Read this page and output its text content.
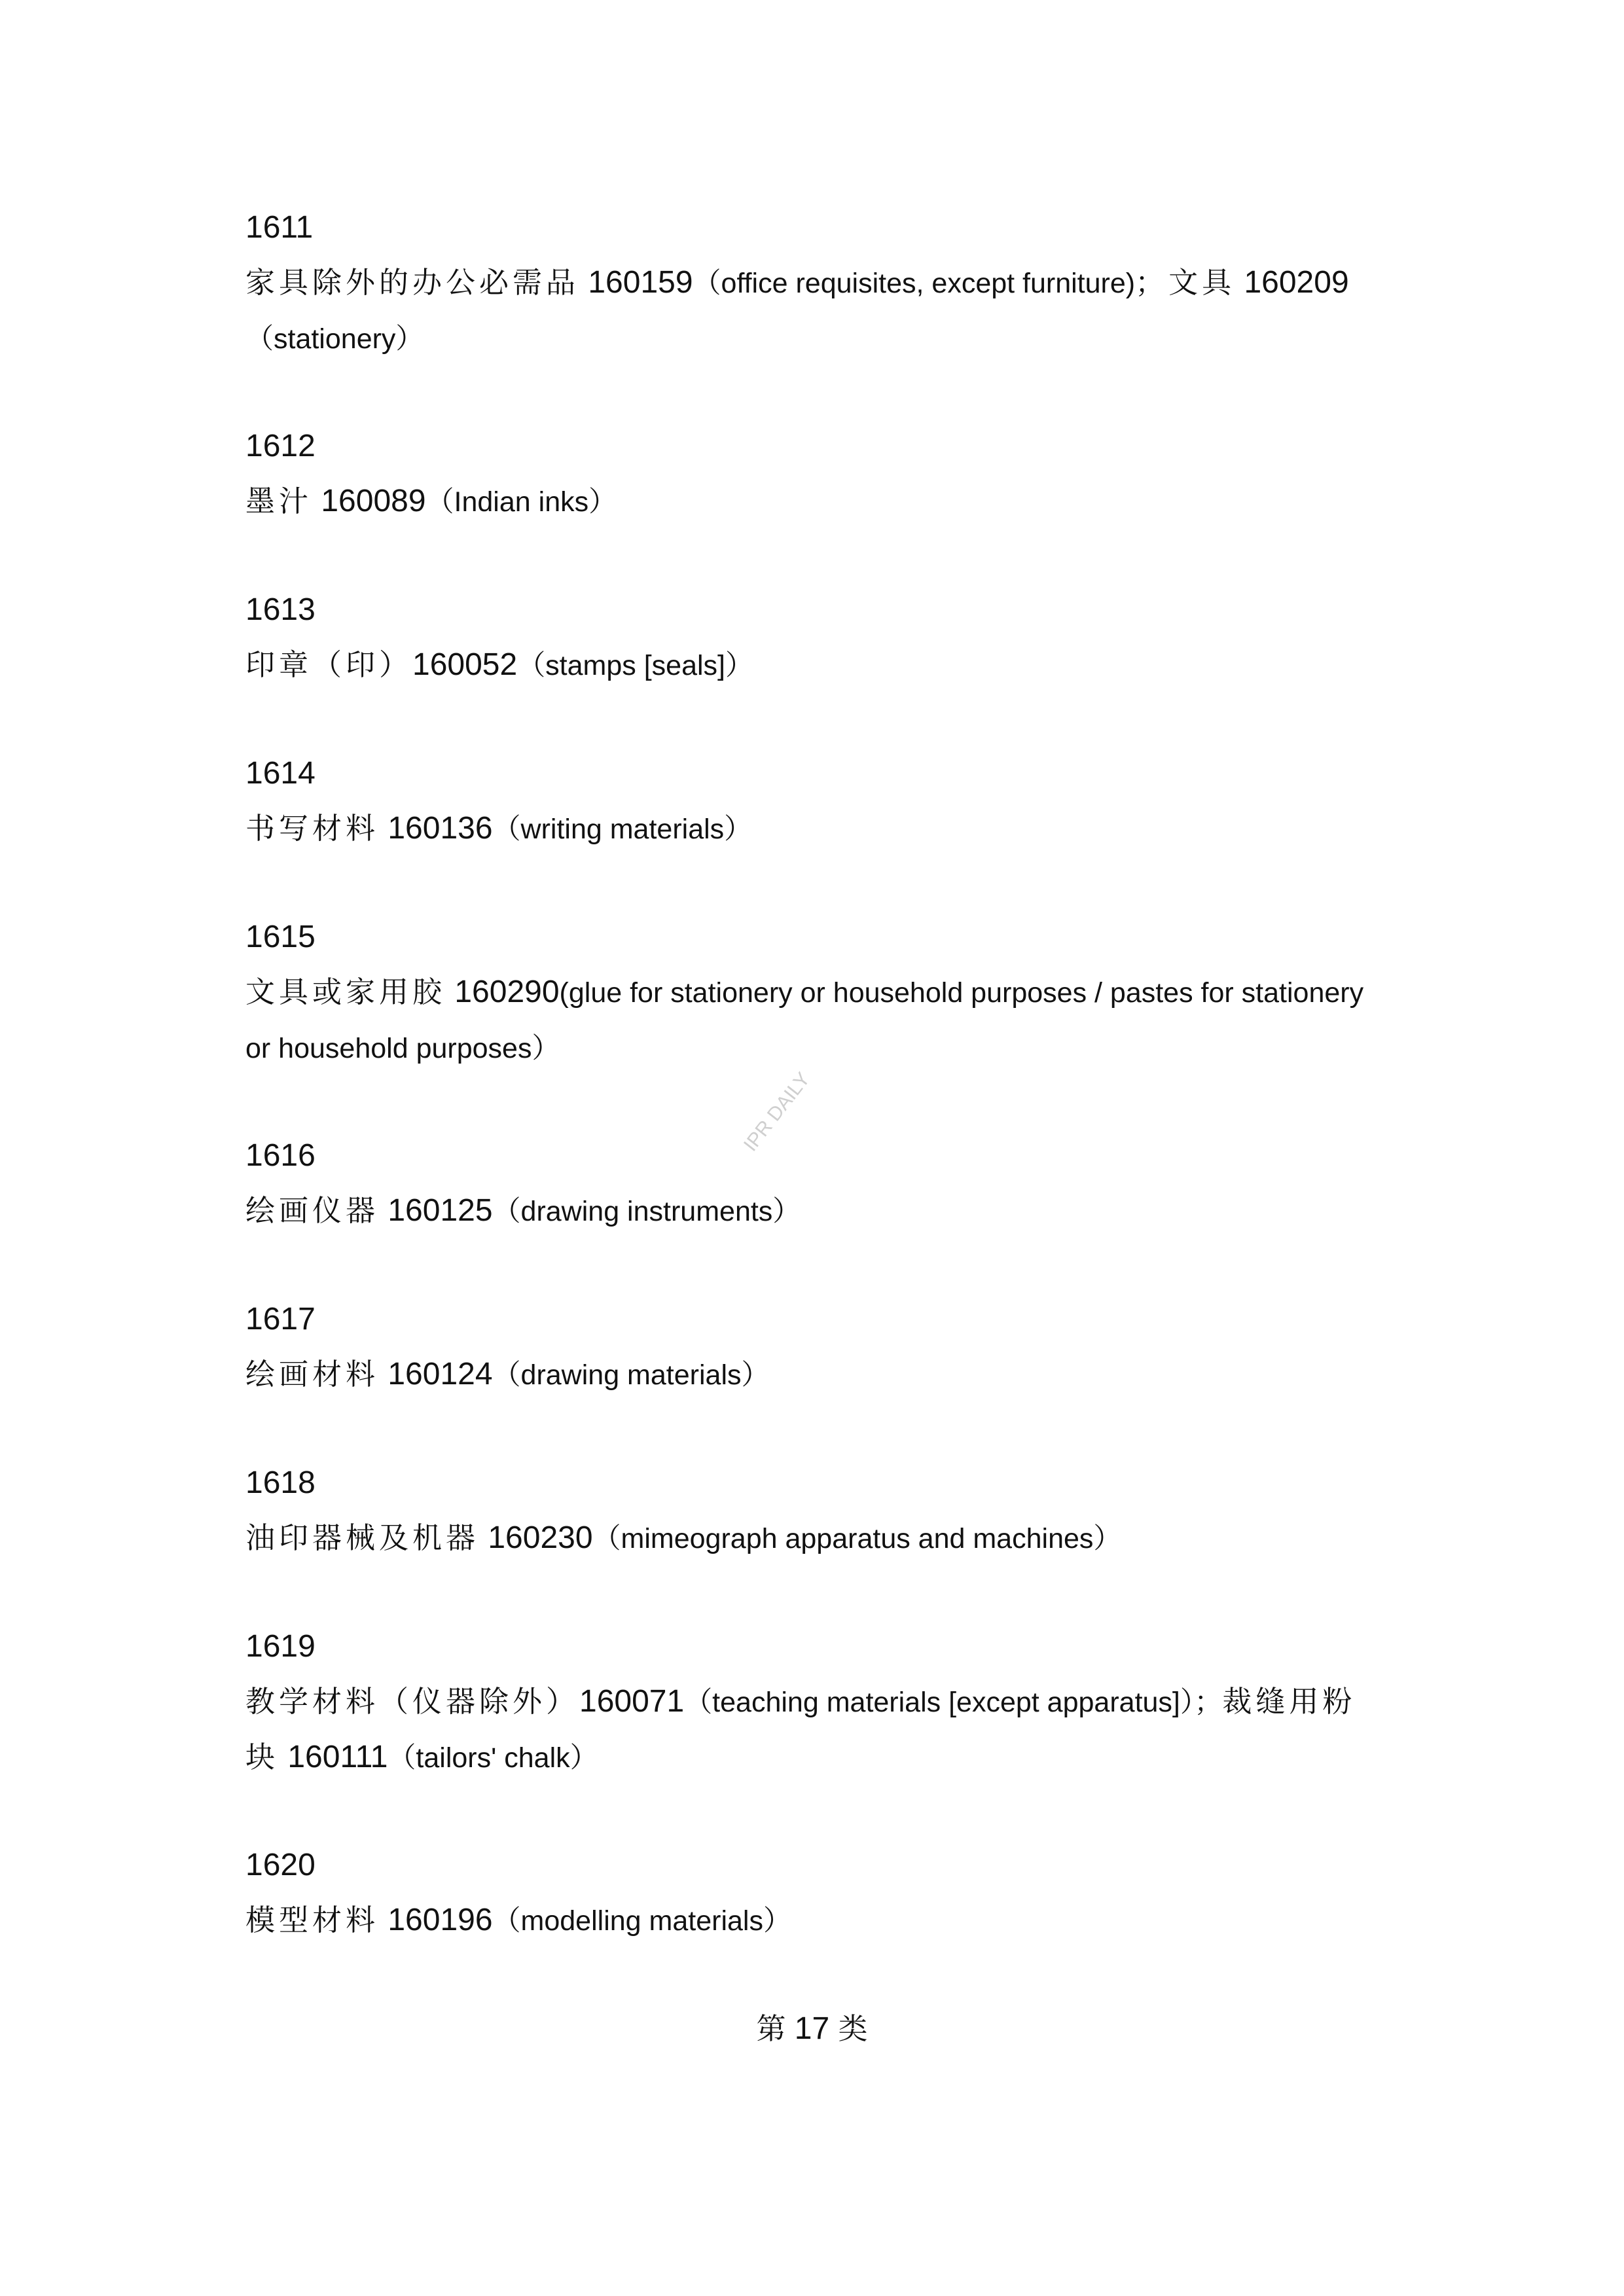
1611
家具除外的办公必需品 160159（office requisites, except furniture)；文具 160209
（stationery）
1612
墨汁 160089（Indian inks）
1613
印章（印）160052（stamps [seals]）
1614
书写材料 160136（writing materials）
1615
文具或家用胶 160290(glue for stationery or household purposes / pastes for stationery or household purposes）
1616
绘画仪器 160125（drawing instruments）
1617
绘画材料 160124（drawing materials）
1618
油印器械及机器 160230（mimeograph apparatus and machines）
1619
教学材料（仪器除外）160071（teaching materials [except apparatus]）；裁缝用粉块 160111（tailors' chalk）
1620
模型材料 160196（modelling materials）
第 17 类
IPR DAILY
